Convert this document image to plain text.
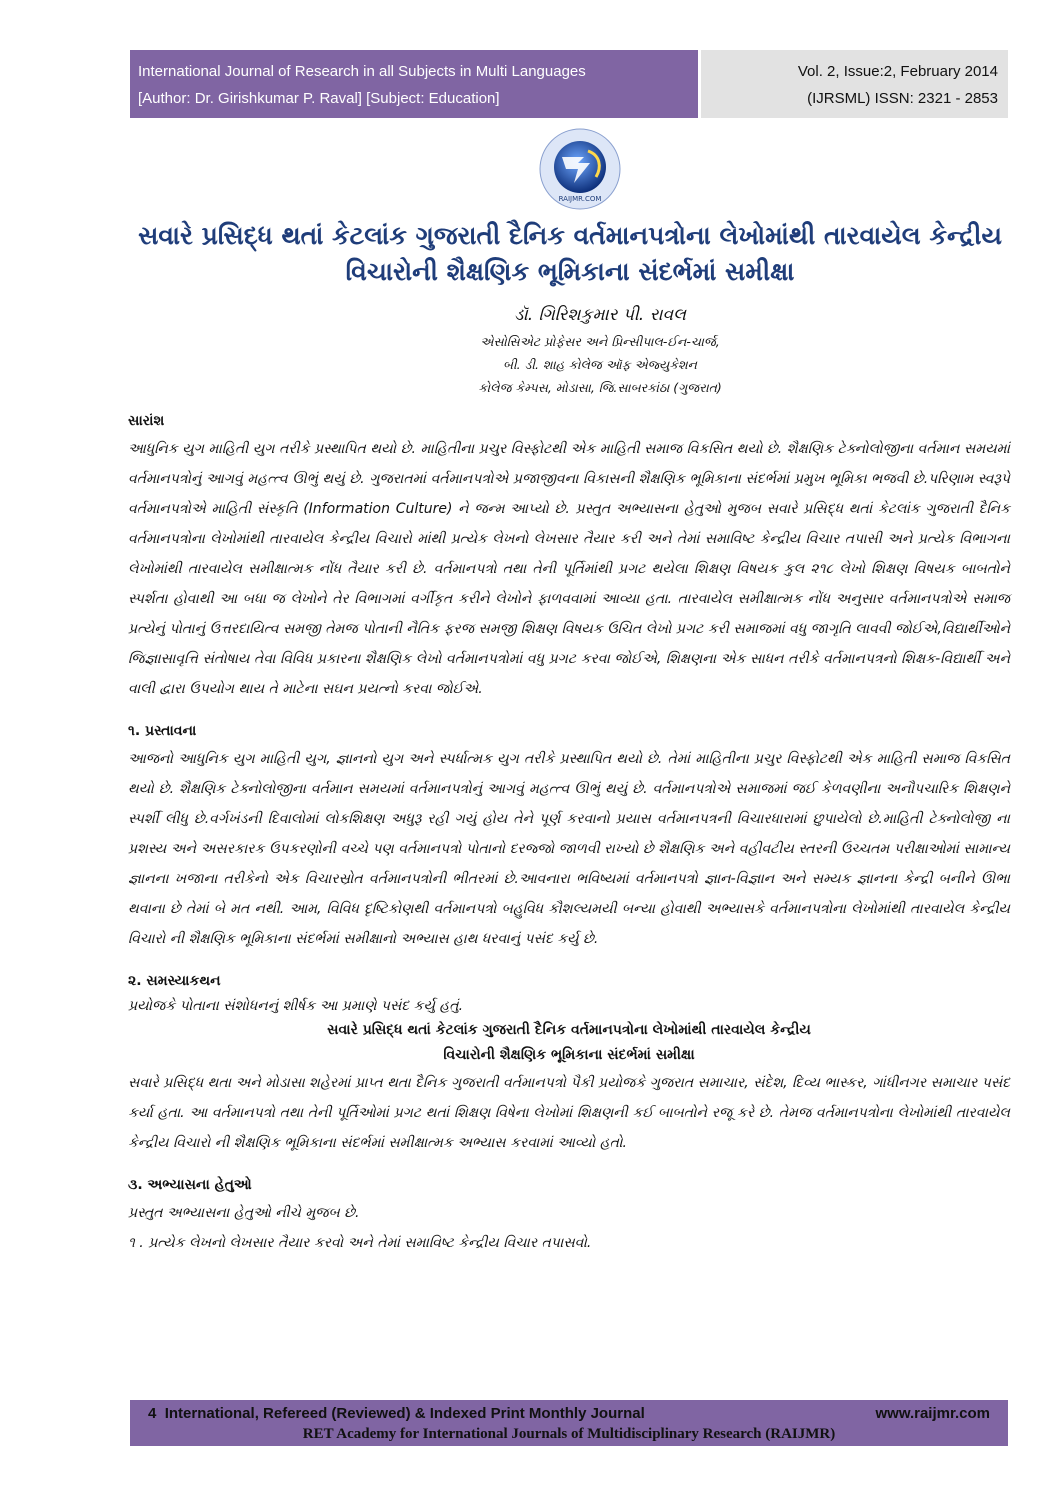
International Journal of Research in all Subjects in Multi Languages
[Author: Dr. Girishkumar P. Raval] [Subject: Education]
Vol. 2, Issue:2, February 2014
(IJRSML) ISSN: 2321 - 2853
RAIJMR.COM
સવારે પ્રસિદ્ધ થતાં કેટલાંક ગુજરાતી દૈનિક વર્તમાનપત્રોના લેખોમાંથી તારવાયેલ કેન્દ્રીય
વિચારોની શૈક્ષણિક ભૂમિકાના સંદર્ભમાં સમીક્ષા
ડૉ. ગિરિશકુમાર પી. રાવલ
એસોસિએટ પ્રોફેસર અને પ્રિન્સીપાલ-ઈન-ચાર્જ,
બી. ડી. શાહ કોલેજ ઑફ એજ્યુકેશન
કોલેજ કેમ્પસ, મોડાસા, જિ.સાબરકાંઠા (ગુજરાત)

સારાંશ

આધુનિક યુગ માહિતી યુગ તરીકે પ્રસ્થાપિત થયો છે. માહિતીના પ્રચુર વિસ્ફોટથી એક માહિતી સમાજ વિકસિત થયો છે. શૈક્ષણિક ટેક્નોલોજીના વર્તમાન સમયમાં વર્તમાનપત્રોનું આગવું મહત્ત્વ ઊભું થયું છે. ગુજરાતમાં વર્તમાનપત્રોએ પ્રજાજીવના વિકાસની શૈક્ષણિક ભૂમિકાના સંદર્ભમાં પ્રમુખ ભૂમિકા ભજવી છે.પરિણામ સ્વરૂપે વર્તમાનપત્રોએ માહિતી સંસ્કૃતિ (Information Culture) ને જન્મ આપ્યો છે. પ્રસ્તુત અભ્યાસના હેતુઓ મુજબ સવારે પ્રસિદ્ધ થતાં કેટલાંક ગુજરાતી દૈનિક વર્તમાનપત્રોના લેખોમાંથી તારવાયેલ કેન્દ્રીય વિચારો માંથી પ્રત્યેક લેખનો લેખસાર તૈયાર કરી અને તેમાં સમાવિષ્ટ કેન્દ્રીય વિચાર તપાસી અને પ્રત્યેક વિભાગના લેખોમાંથી તારવાયેલ સમીક્ષાત્મક નોંધ તૈયાર કરી છે. વર્તમાનપત્રો તથા તેની પૂર્તિમાંથી પ્રગટ થયેલા શિક્ષણ વિષયક કુલ ૨૧૮ લેખો શિક્ષણ વિષયક બાબતોને સ્પર્શતા હોવાથી આ બધા જ લેખોને તેર વિભાગમાં વર્ગીકૃત કરીને લેખોને ફાળવવામાં આવ્યા હતા. તારવાયેલ સમીક્ષાત્મક નોંધ અનુસાર વર્તમાનપત્રોએ સમાજ પ્રત્યેનું પોતાનું ઉત્તરદાયિત્વ સમજી તેમજ પોતાની નૈતિક ફરજ સમજી શિક્ષણ વિષયક ઉચિત લેખો પ્રગટ કરી સમાજમાં વધુ જાગૃતિ લાવવી જોઈએ,વિદ્યાર્થીઓને જિજ્ઞાસાવૃત્તિ સંતોષાય તેવા વિવિધ પ્રકારના શૈક્ષણિક લેખો વર્તમાનપત્રોમાં વધુ પ્રગટ કરવા જોઈએ, શિક્ષણના એક સાધન તરીકે વર્તમાનપત્રનો શિક્ષક-વિદ્યાર્થી અને વાલી દ્વારા ઉપયોગ થાય તે માટેના સઘન પ્રયત્નો કરવા જોઈએ.

૧. પ્રસ્તાવના

આજનો આધુનિક યુગ માહિતી યુગ, જ્ઞાનનો યુગ અને સ્પર્ધાત્મક યુગ તરીકે પ્રસ્થાપિત થયો છે. તેમાં માહિતીના પ્રચુર વિસ્ફોટથી એક માહિતી સમાજ વિકસિત થયો છે. શૈક્ષણિક ટેક્નોલોજીના વર્તમાન સમયમાં વર્તમાનપત્રોનું આગવું મહત્ત્વ ઊભું થયું છે. વર્તમાનપત્રોએ સમાજમાં જઈ કેળવણીના અનૌપચારિક શિક્ષણને સ્પર્શી લીધુ છે.વર્ગખંડની દિવાલોમાં લોકશિક્ષણ અધુરૂ રહી ગયું હોય તેને પૂર્ણ કરવાનો પ્રયાસ વર્તમાનપત્રની વિચારધારામાં છુપાયેલો છે.માહિતી ટેક્નોલોજી ના પ્રશસ્ય અને અસરકારક ઉપકરણોની વચ્ચે પણ વર્તમાનપત્રો પોતાનો દરજ્જો જાળવી રાખ્યો છે શૈક્ષણિક અને વહીવટીય સ્તરની ઉચ્ચતમ પરીક્ષાઓમાં સામાન્ય જ્ઞાનના ખજાના તરીકેનો એક વિચારસ્રોત વર્તમાનપત્રોની ભીતરમાં છે.આવનારા ભવિષ્યમાં વર્તમાનપત્રો જ્ઞાન-વિજ્ઞાન અને સમ્યક જ્ઞાનના કેન્દ્રી બનીને ઊભા થવાના છે તેમાં બે મત નથી. આમ, વિવિધ દૃષ્ટિકોણથી વર્તમાનપત્રો બહુવિધ કૌશલ્યમયી બન્યા હોવાથી અભ્યાસકે વર્તમાનપત્રોના લેખોમાંથી તારવાયેલ કેન્દ્રીય વિચારો ની શૈક્ષણિક ભૂમિકાના સંદર્ભમાં સમીક્ષાનો અભ્યાસ હાથ ધરવાનું પસંદ કર્યુ છે.

૨. સમસ્યાકથન

પ્રયોજકે પોતાના સંશોધનનું શીર્ષક આ પ્રમાણે પસંદ કર્યુ હતું.

સવારે પ્રસિદ્ધ થતાં કેટલાંક ગુજરાતી દૈનિક વર્તમાનપત્રોના લેખોમાંથી તારવાયેલ કેન્દ્રીય

વિચારોની શૈક્ષણિક ભૂમિકાના સંદર્ભમાં સમીક્ષા

સવારે પ્રસિદ્ધ થતા અને મોડાસા શહેરમાં પ્રાપ્ત થતા દૈનિક ગુજરાતી વર્તમાનપત્રો પૈકી પ્રયોજકે ગુજરાત સમાચાર, સંદેશ, દિવ્ય ભાસ્કર, ગાંધીનગર સમાચાર પસંદ કર્યા હતા. આ વર્તમાનપત્રો તથા તેની પૂર્તિઓમાં પ્રગટ થતાં શિક્ષણ વિષેના લેખોમાં શિક્ષણની કઈ બાબતોને રજૂ કરે છે. તેમજ વર્તમાનપત્રોના લેખોમાંથી તારવાયેલ કેન્દ્રીય વિચારો ની શૈક્ષણિક ભૂમિકાના સંદર્ભમાં સમીક્ષાત્મક અભ્યાસ કરવામાં આવ્યો હતો.

૩. અભ્યાસના હેતુઓ

પ્રસ્તુત અભ્યાસના હેતુઓ નીચે મુજબ છે.

૧ . પ્રત્યેક લેખનો લેખસાર તૈયાર કરવો અને તેમાં સમાવિષ્ટ કેન્દ્રીય વિચાર તપાસવો.

4 International, Refereed (Reviewed) & Indexed Print Monthly Journal	www.raijmr.com
RET Academy for International Journals of Multidisciplinary Research (RAIJMR)
